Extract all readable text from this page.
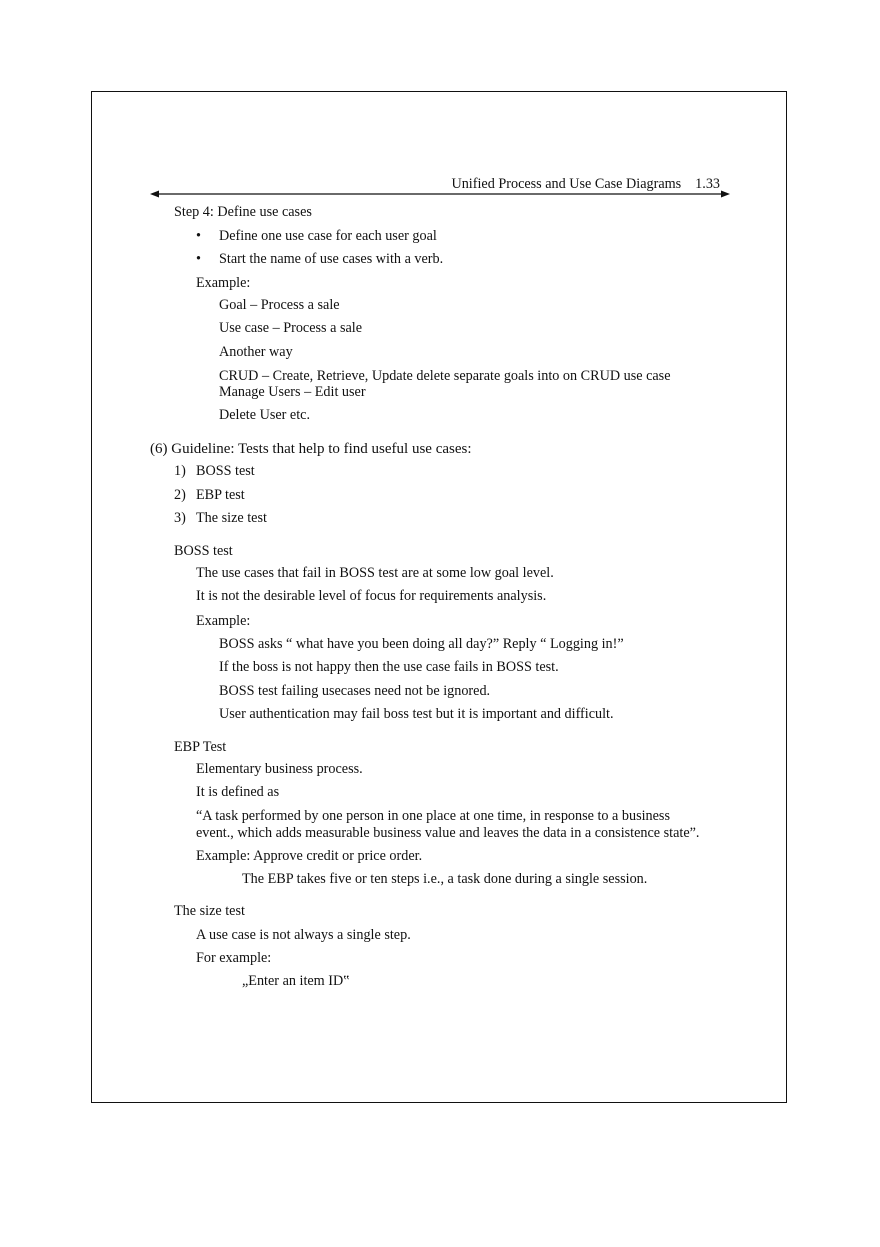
Unified Process and Use Case Diagrams 1.33
Step 4: Define use cases
• Define one use case for each user goal
• Start the name of use cases with a verb.
Example:
Goal – Process a sale
Use case – Process a sale
Another way
CRUD – Create, Retrieve, Update delete separate goals into on CRUD use case
Manage Users – Edit user
Delete User etc.
(6) Guideline: Tests that help to find useful use cases:
1) BOSS test
2) EBP test
3) The size test
BOSS test
The use cases that fail in BOSS test are at some low goal level.
It is not the desirable level of focus for requirements analysis.
Example:
BOSS asks “ what have you been doing all day?” Reply “ Logging in!”
If the boss is not happy then the use case fails in BOSS test.
BOSS test failing usecases need not be ignored.
User authentication may fail boss test but it is important and difficult.
EBP Test
Elementary business process.
It is defined as
“A task performed by one person in one place at one time, in response to a business
event., which adds measurable business value and leaves the data in a consistence state”.
Example: Approve credit or price order.
The EBP takes five or ten steps i.e., a task done during a single session.
The size test
A use case is not always a single step.
For example:
„Enter an item ID‟
